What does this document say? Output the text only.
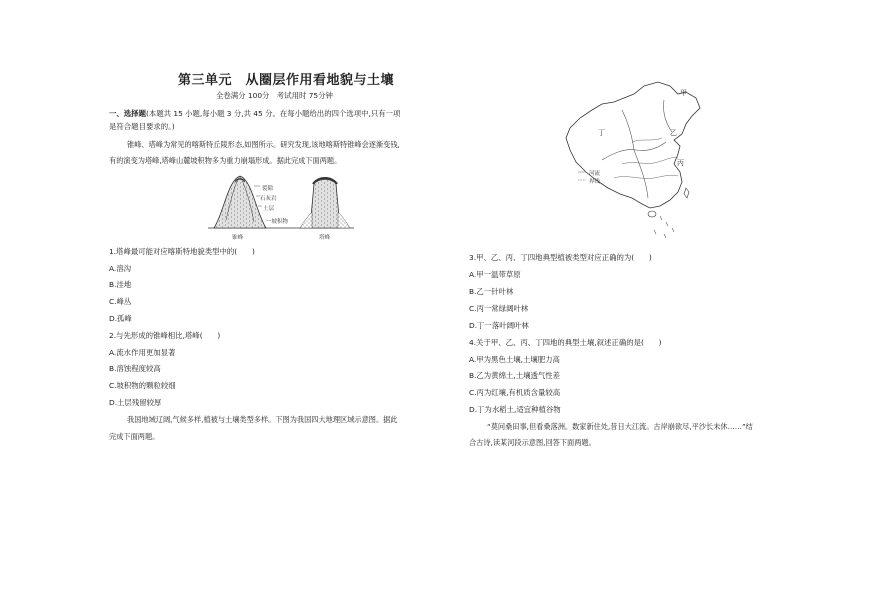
第三单元　从圈层作用看地貌与土壤
全卷满分 100分　考试用时 75分钟
一、选择题(本题共 15 小题,每小题 3 分,共 45 分。在每小题给出的四个选项中,只有一项
是符合题目要求的。)
锥峰、塔峰为常见的喀斯特丘陵形态,如图所示。研究发现,该地喀斯特锥峰会逐渐变钱,
有的演变为塔峰,塔峰山麓坡积物多为重力崩塌形成。据此完成下面两题。
裂隙
石灰岩
土层
一坡积物
锥峰	塔峰
1.塔峰最可能对应喀斯特地貌类型中的(　　)
A.溶沟
B.洼地
C.峰丛
D.孤峰
2.与先形成的锥峰相比,塔峰(　　)
A.流水作用更加显著
B.溶蚀程度较高
C.坡积物的颗粒较细
D.土层残留较厚
我国地域辽阔,气候多样,植被与土壤类型多样。下图为我国四大地理区域示意图。据此
完成下面两题。
甲
乙
丙
丁
河流
界线
3.甲、乙、丙、丁四地典型植被类型对应正确的为(　　)
A.甲一温带草原
B.乙一针叶林
C.丙一常绿阔叶林
D.丁一落叶阔叶林
4.关于甲、乙、丙、丁四地的典型土壤,叙述正确的是(　　)
A.甲为黑色土壤,土壤肥力高
B.乙为黄绵土,土壤透气性差
C.丙为红壤,有机质含量较高
D.丁为水稻土,适宜种植谷物
“莫问桑田事,但看桑落洲。数家新住处,昔日大江流。古岸崩欲尽,平沙长未休……”结
合古诗,读某河段示意图,回答下面两题。
